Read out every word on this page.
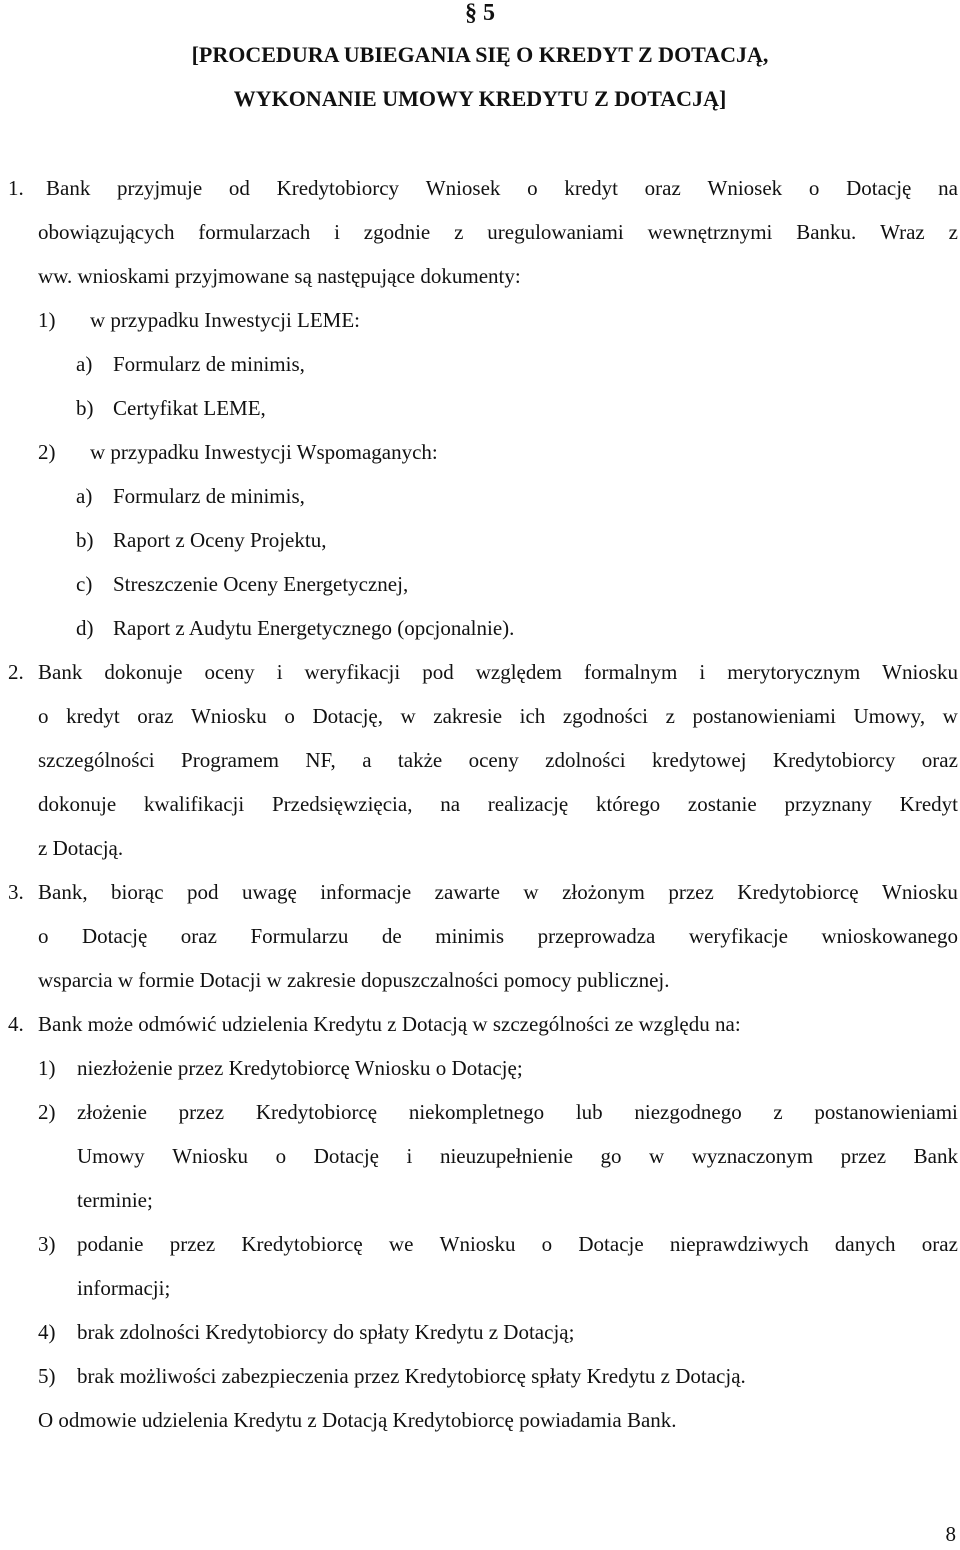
§ 5
[PROCEDURA UBIEGANIA SIĘ O KREDYT Z DOTACJĄ,
WYKONANIE UMOWY KREDYTU Z DOTACJĄ]
1. Bank przyjmuje od Kredytobiorcy Wniosek o kredyt oraz Wniosek o Dotację na
obowiązujących formularzach i zgodnie z uregulowaniami wewnętrznymi Banku. Wraz z
ww. wnioskami przyjmowane są następujące dokumenty:
1) w przypadku Inwestycji LEME:
a) Formularz de minimis,
b) Certyfikat LEME,
2) w przypadku Inwestycji Wspomaganych:
a) Formularz de minimis,
b) Raport z Oceny Projektu,
c) Streszczenie Oceny Energetycznej,
d) Raport z Audytu Energetycznego (opcjonalnie).
2. Bank dokonuje oceny i weryfikacji pod względem formalnym i merytorycznym Wniosku
o kredyt oraz Wniosku o Dotację, w zakresie ich zgodności z postanowieniami Umowy, w
szczególności Programem NF, a także oceny zdolności kredytowej Kredytobiorcy oraz
dokonuje kwalifikacji Przedsięwzięcia, na realizację którego zostanie przyznany Kredyt
z Dotacją.
3. Bank, biorąc pod uwagę informacje zawarte w złożonym przez Kredytobiorcę Wniosku
o Dotację oraz Formularzu de minimis przeprowadza weryfikacje wnioskowanego
wsparcia w formie Dotacji w zakresie dopuszczalności pomocy publicznej.
4. Bank może odmówić udzielenia Kredytu z Dotacją w szczególności ze względu na:
1) niezłożenie przez Kredytobiorcę Wniosku o Dotację;
2) złożenie przez Kredytobiorcę niekompletnego lub niezgodnego z postanowieniami
Umowy Wniosku o Dotację i nieuzupełnienie go w wyznaczonym przez Bank
terminie;
3) podanie przez Kredytobiorcę we Wniosku o Dotacje nieprawdziwych danych oraz
informacji;
4) brak zdolności Kredytobiorcy do spłaty Kredytu z Dotacją;
5) brak możliwości zabezpieczenia przez Kredytobiorcę spłaty Kredytu z Dotacją.
O odmowie udzielenia Kredytu z Dotacją Kredytobiorcę powiadamia Bank.
8
